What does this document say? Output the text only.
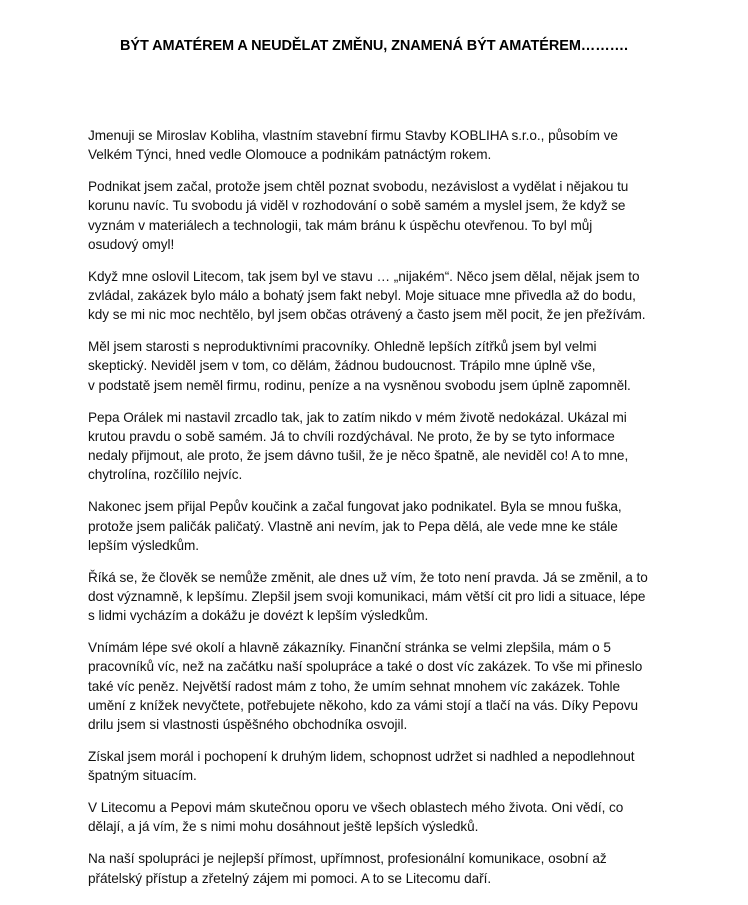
BÝT AMATÉREM A NEUDĚLAT ZMĚNU, ZNAMENÁ BÝT AMATÉREM……….

Jmenuji se Miroslav Kobliha, vlastním stavební firmu Stavby KOBLIHA s.r.o., působím ve
Velkém Týnci, hned vedle Olomouce a podnikám patnáctým rokem.

Podnikat jsem začal, protože jsem chtěl poznat svobodu, nezávislost a vydělat i nějakou tu
korunu navíc. Tu svobodu já viděl v rozhodování o sobě samém a myslel jsem, že když se
vyznám v materiálech a technologii, tak mám bránu k úspěchu otevřenou. To byl můj
osudový omyl!

Když mne oslovil Litecom, tak jsem byl ve stavu … „nijakém“. Něco jsem dělal, nějak jsem to
zvládal, zakázek bylo málo a bohatý jsem fakt nebyl. Moje situace mne přivedla až do bodu,
kdy se mi nic moc nechtělo, byl jsem občas otrávený a často jsem měl pocit, že jen přežívám.

Měl jsem starosti s neproduktivními pracovníky. Ohledně lepších zítřků jsem byl velmi
skeptický. Neviděl jsem v tom, co dělám, žádnou budoucnost. Trápilo mne úplně vše,
v podstatě jsem neměl firmu, rodinu, peníze a na vysněnou svobodu jsem úplně zapomněl.

Pepa Orálek mi nastavil zrcadlo tak, jak to zatím nikdo v mém životě nedokázal. Ukázal mi
krutou pravdu o sobě samém. Já to chvíli rozdýchával. Ne proto, že by se tyto informace
nedaly přijmout, ale proto, že jsem dávno tušil, že je něco špatně, ale neviděl co! A to mne,
chytrolína, rozčílilo nejvíc.

Nakonec jsem přijal Pepův koučink a začal fungovat jako podnikatel. Byla se mnou fuška,
protože jsem paličák paličatý. Vlastně ani nevím, jak to Pepa dělá, ale vede mne ke stále
lepším výsledkům.

Říká se, že člověk se nemůže změnit, ale dnes už vím, že toto není pravda. Já se změnil, a to
dost významně, k lepšímu. Zlepšil jsem svoji komunikaci, mám větší cit pro lidi a situace, lépe
s lidmi vycházím a dokážu je dovézt k lepším výsledkům.

Vnímám lépe své okolí a hlavně zákazníky. Finanční stránka se velmi zlepšila, mám o 5
pracovníků víc, než na začátku naší spolupráce a také o dost víc zakázek. To vše mi přineslo
také víc peněz. Největší radost mám z toho, že umím sehnat mnohem víc zakázek. Tohle
umění z knížek nevyčtete, potřebujete někoho, kdo za vámi stojí a tlačí na vás. Díky Pepovu
drilu jsem si vlastnosti úspěšného obchodníka osvojil.

Získal jsem morál i pochopení k druhým lidem, schopnost udržet si nadhled a nepodlehnout
špatným situacím.

V Litecomu a Pepovi mám skutečnou oporu ve všech oblastech mého života. Oni vědí, co
dělají, a já vím, že s nimi mohu dosáhnout ještě lepších výsledků.

Na naší spolupráci je nejlepší přímost, upřímnost, profesionální komunikace, osobní až
přátelský přístup a zřetelný zájem mi pomoci. A to se Litecomu daří.
